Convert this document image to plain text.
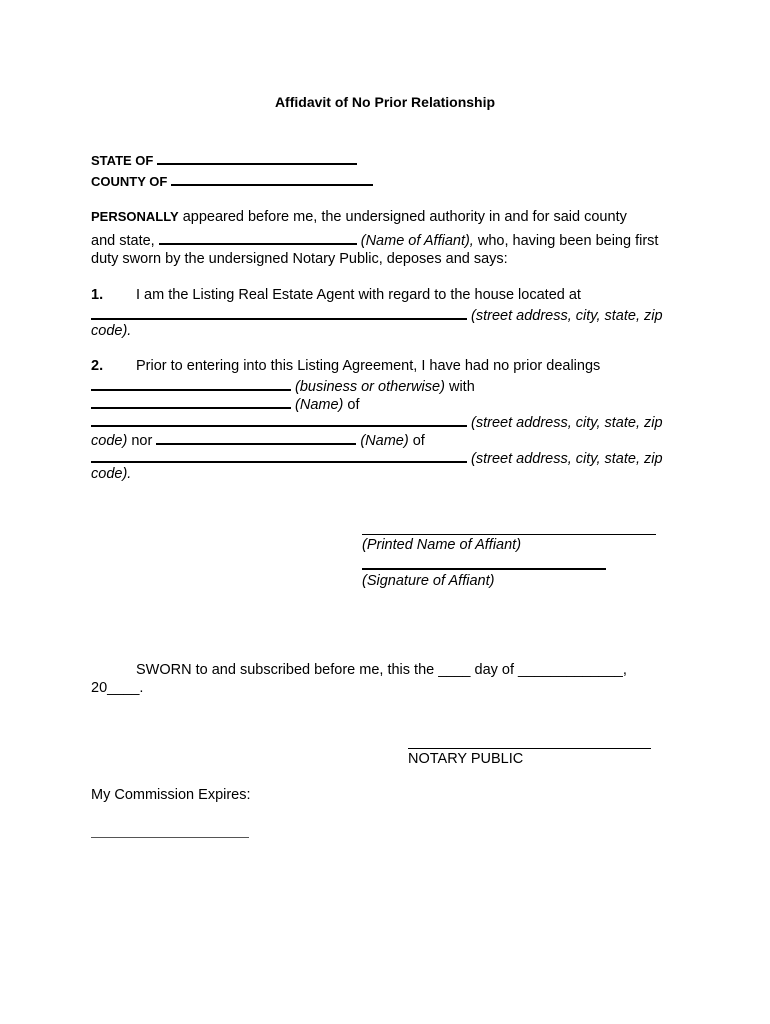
Affidavit of No Prior Relationship
STATE OF
COUNTY OF
PERSONALLY appeared before me, the undersigned authority in and for said county
and state,	(Name of Affiant), who, having been being first
duty sworn by the undersigned Notary Public, deposes and says:
1. I am the Listing Real Estate Agent with regard to the house located at
(street address, city, state, zip
code).
2. Prior to entering into this Listing Agreement, I have had no prior dealings
(business or otherwise) with
(Name) of
(street address, city, state, zip
code) nor	(Name) of
(street address, city, state, zip
code).
(Printed Name of Affiant)
(Signature of Affiant)
SWORN to and subscribed before me, this the ____ day of _____________,
20____.
NOTARY PUBLIC
My Commission Expires:
